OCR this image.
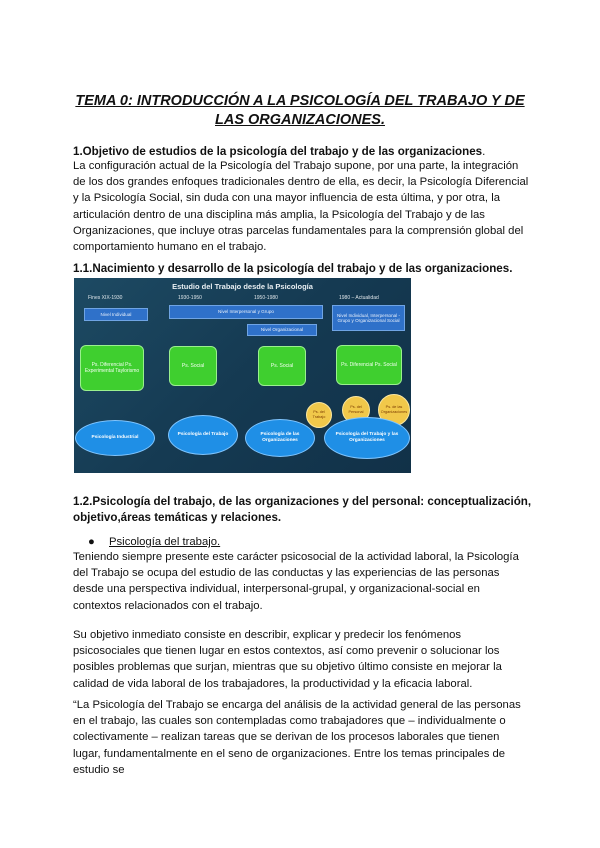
TEMA 0: INTRODUCCIÓN A LA PSICOLOGÍA DEL TRABAJO Y DE
LAS ORGANIZACIONES.
1.Objetivo de estudios de la psicología del trabajo y de las organizaciones.

La configuración actual de la Psicología del Trabajo supone, por una parte, la integración de los dos grandes enfoques tradicionales dentro de ella, es decir, la Psicología Diferencial y la Psicología Social, sin duda con una mayor influencia de esta última, y por otra, la articulación dentro de una disciplina más amplia, la Psicología del Trabajo y de las Organizaciones, que incluye otras parcelas fundamentales para la comprensión global del comportamiento humano en el trabajo.

1.1.Nacimiento y desarrollo de la psicología del trabajo y de las organizaciones.
Estudio del Trabajo desde la Psicología
Fines XIX-1930	1930-1950	1950-1980	1980 – Actualidad
Nivel Individual	Nivel Interpersonal y Grupo
Nivel Organizacional
Nivel Individual, Interpersonal - Grupo y Organizacional Social
Ps. Diferencial Ps. Experimental Taylorismo
Ps. Social	Ps. Social	Ps. Diferencial Ps. Social
Ps. del Trabajo
Ps. del Personal
Ps. de las Organizaciones
Psicología Industrial
Psicología del Trabajo	Psicología de las Organizaciones
Psicología del Trabajo y las Organizaciones
1.2.Psicología del trabajo, de las organizaciones y del personal: conceptualización,
objetivo,áreas temáticas y relaciones.
● Psicología del trabajo.

Teniendo siempre presente este carácter psicosocial de la actividad laboral, la Psicología del Trabajo se ocupa del estudio de las conductas y las experiencias de las personas desde una perspectiva individual, interpersonal-grupal, y organizacional-social en contextos relacionados con el trabajo.

Su objetivo inmediato consiste en describir, explicar y predecir los fenómenos psicosociales que tienen lugar en estos contextos, así como prevenir o solucionar los posibles problemas que surjan, mientras que su objetivo último consiste en mejorar la calidad de vida laboral de los trabajadores, la productividad y la eficacia laboral.

“La Psicología del Trabajo se encarga del análisis de la actividad general de las personas en el trabajo, las cuales son contempladas como trabajadores que – individualmente o colectivamente – realizan tareas que se derivan de los procesos laborales que tienen lugar, fundamentalmente en el seno de organizaciones. Entre los temas principales de estudio se
